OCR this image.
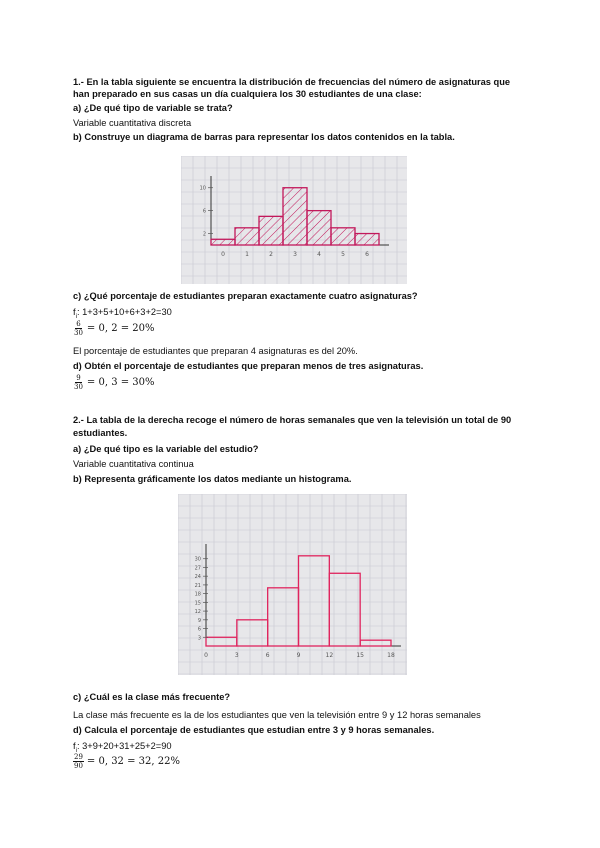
1.- En la tabla siguiente se encuentra la distribución de frecuencias del número de asignaturas que
han preparado en sus casas un día cualquiera los 30 estudiantes de una clase:
a) ¿De qué tipo de variable se trata?
Variable cuantitativa discreta
b) Construye un diagrama de barras para representar los datos contenidos en la tabla.
0	1	2	3	4	5	6
10
6
2
c) ¿Qué porcentaje de estudiantes preparan exactamente cuatro asignaturas?
$f_i$: 1+3+5+10+6+3+2=30
$\frac{6}{30} = 0$, 2 = 20%
El porcentaje de estudiantes que preparan 4 asignaturas es del 20%.
d) Obtén el porcentaje de estudiantes que preparan menos de tres asignaturas.
$\frac{9}{30} = 0$, 3 = 30%
2.- La tabla de la derecha recoge el número de horas semanales que ven la televisión un total de 90
estudiantes.
a) ¿De qué tipo es la variable del estudio?
Variable cuantitativa continua
b) Representa gráficamente los datos mediante un histograma.
0	3	6	9	12	15	18
30
27
24
21
18
15
12
9
6
3
c) ¿Cuál es la clase más frecuente?
La clase más frecuente es la de los estudiantes que ven la televisión entre 9 y 12 horas semanales
d) Calcula el porcentaje de estudiantes que estudian entre 3 y 9 horas semanales.
$f_i$: 3+9+20+31+25+2=90
$\frac{29}{90} = 0$, 32 = 32, 22%
